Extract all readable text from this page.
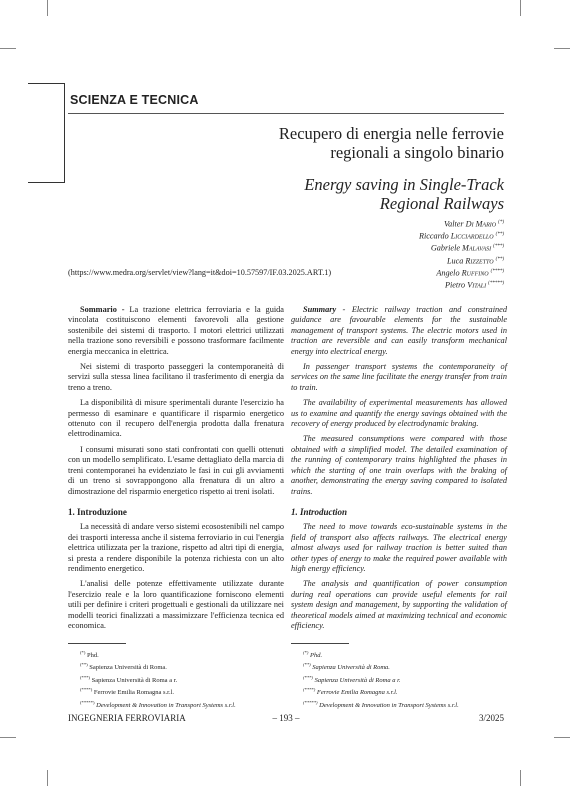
SCIENZA E TECNICA
Recupero di energia nelle ferrovie
regionali a singolo binario
Energy saving in Single-Track
Regional Railways
Valter Di Mario (*)
Riccardo Licciardello (**)
Gabriele Malavasi (***)
Luca Rizzetto (**)
Angelo Ruffino (****)
Pietro Vitali (*****)
(https://www.medra.org/servlet/view?lang=it&doi=10.57597/IF.03.2025.ART.1)

Sommario - La trazione elettrica ferroviaria e la guida vincolata costituiscono elementi favorevoli alla gestione sostenibile dei sistemi di trasporto. I motori elettrici utilizzati nella trazione sono reversibili e possono trasformare facilmente energia meccanica in elettrica.

Nei sistemi di trasporto passeggeri la contemporaneità di servizi sulla stessa linea facilitano il trasferimento di energia da treno a treno.

La disponibilità di misure sperimentali durante l'esercizio ha permesso di esaminare e quantificare il risparmio energetico ottenuto con il recupero dell'energia prodotta dalla frenatura elettrodinamica.

I consumi misurati sono stati confrontati con quelli ottenuti con un modello semplificato. L'esame dettagliato della marcia di treni contemporanei ha evidenziato le fasi in cui gli avviamenti di un treno si sovrappongono alla frenatura di un altro a dimostrazione del risparmio energetico rispetto ai treni isolati.

1. Introduzione

La necessità di andare verso sistemi ecosostenibili nel campo dei trasporti interessa anche il sistema ferroviario in cui l'energia elettrica utilizzata per la trazione, rispetto ad altri tipi di energia, si presta a rendere disponibile la potenza richiesta con un alto rendimento energetico.

L'analisi delle potenze effettivamente utilizzate durante l'esercizio reale e la loro quantificazione forniscono elementi utili per definire i criteri progettuali e gestionali da utilizzare nei modelli teorici finalizzati a massimizzare l'efficienza tecnica ed economica.

Summary - Electric railway traction and constrained guidance are favourable elements for the sustainable management of transport systems. The electric motors used in traction are reversible and can easily transform mechanical energy into electrical energy.

In passenger transport systems the contemporaneity of services on the same line facilitate the energy transfer from train to train.

The availability of experimental measurements has allowed us to examine and quantify the energy savings obtained with the recovery of energy produced by electrodynamic braking.

The measured consumptions were compared with those obtained with a simplified model. The detailed examination of the running of contemporary trains highlighted the phases in which the starting of one train overlaps with the braking of another, demonstrating the energy saving compared to isolated trains.

1. Introduction

The need to move towards eco-sustainable systems in the field of transport also affects railways. The electrical energy almost always used for railway traction is better suited than other types of energy to make the required power available with high energy efficiency.

The analysis and quantification of power consumption during real operations can provide useful elements for rail system design and management, by supporting the validation of theoretical models aimed at maximizing technical and economic efficiency.

(*) Phd.
(**) Sapienza Università di Roma.
(***) Sapienza Università di Roma a r.
(****) Ferrovie Emilia Romagna s.r.l.
(*****) Development & Innovation in Transport Systems s.r.l.
(*) Phd.
(**) Sapienza Università di Roma.
(***) Sapienza Università di Roma a r.
(****) Ferrovie Emilia Romagna s.r.l.
(*****) Development & Innovation in Transport Systems s.r.l.
INGEGNERIA FERROVIARIA	– 193 –	3/2025
